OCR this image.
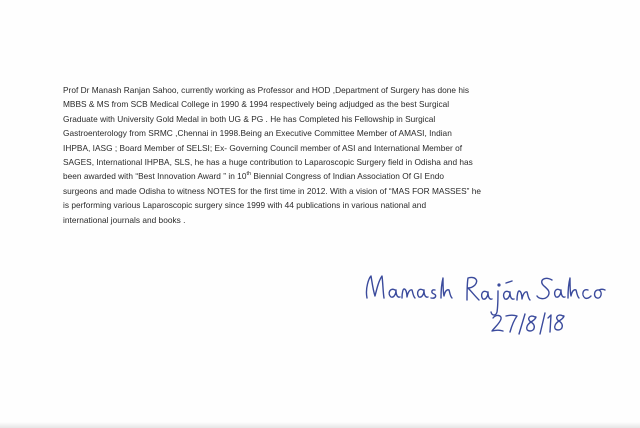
Prof Dr Manash Ranjan Sahoo, currently working as Professor and HOD ,Department of Surgery has done his
MBBS & MS from SCB Medical College in 1990 & 1994 respectively being adjudged as the best Surgical
Graduate with University Gold Medal in both UG & PG . He has Completed his Fellowship in Surgical
Gastroenterology from SRMC ,Chennai in 1998.Being an Executive Committee Member of AMASI, Indian
IHPBA, IASG ; Board Member of SELSI; Ex- Governing Council member of ASI and International Member of
SAGES, International IHPBA, SLS, he has a huge contribution to Laparoscopic Surgery field in Odisha and has
been awarded with “Best Innovation Award ” in 10th Biennial Congress of Indian Association Of GI Endo
surgeons and made Odisha to witness NOTES for the first time in 2012. With a vision of “MAS FOR MASSES” he
is performing various Laparoscopic surgery since 1999 with 44 publications in various national and
international journals and books .
